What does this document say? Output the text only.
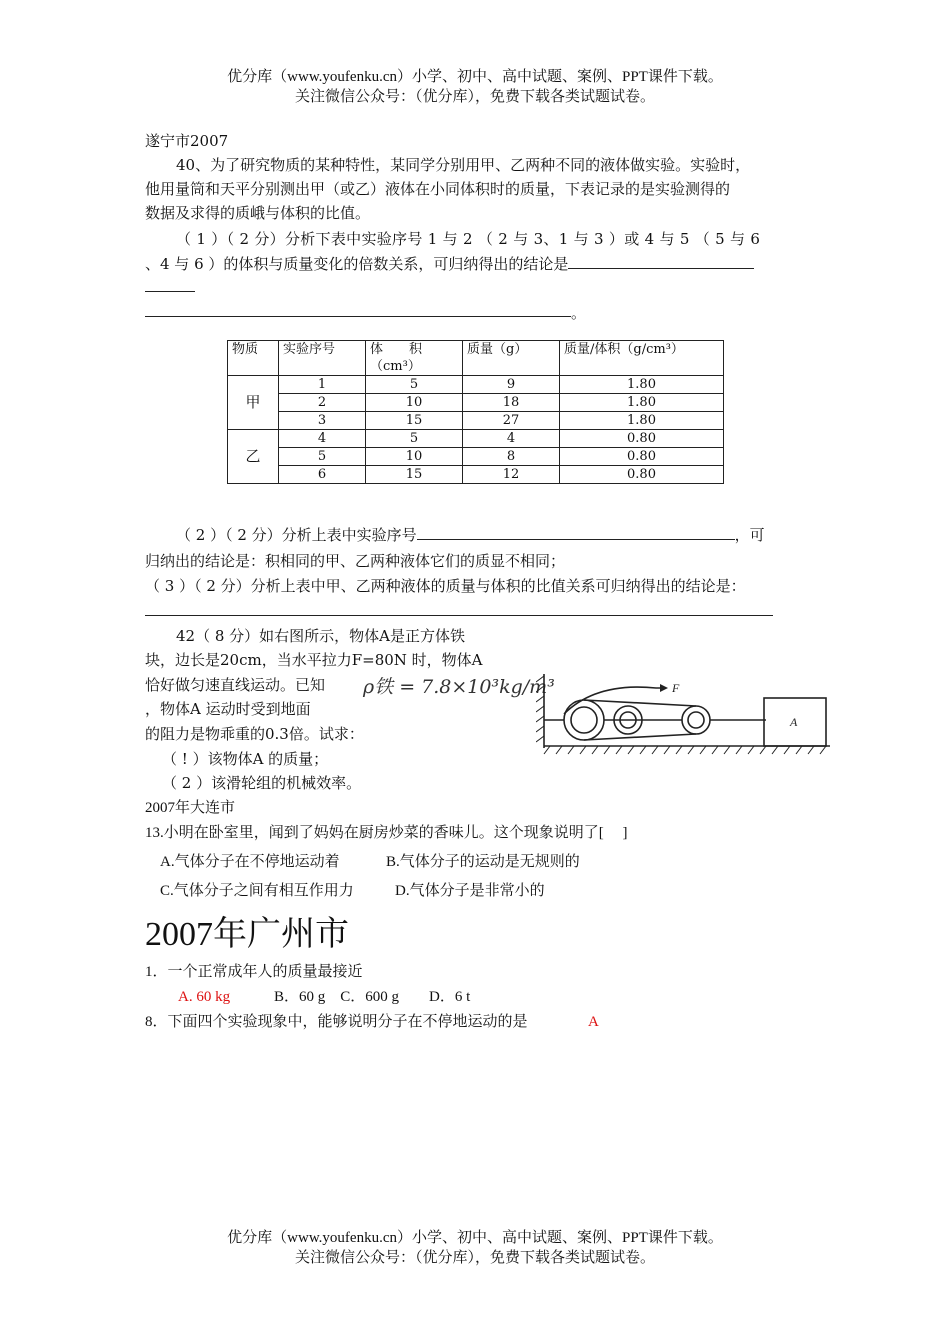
优分库（www.youfenku.cn）小学、初中、高中试题、案例、PPT课件下载。
关注微信公众号：（优分库），免费下载各类试题试卷。
遂宁市2007
40、为了研究物质的某种特性，某同学分别用甲、乙两种不同的液体做实验。实验时，
他用量筒和天平分别测出甲（或乙）液体在小同体积时的质量，下表记录的是实验测得的
数据及求得的质峨与体积的比值。
（ 1 ）（ 2 分）分析下表中实验序号 1 与 2 （ 2 与 3、1 与 3 ）或 4 与 5 （ 5 与 6
、4 与 6 ）的体积与质量变化的倍数关系，可归纳得出的结论是
。
物质	实验序号	体　　积（cm³）	质量（g）	质量/体积（g/cm³）
甲	1	5	9	1.80
	2	10	18	1.80
	3	15	27	1.80
乙	4	5	4	0.80
	5	10	8	0.80
	6	15	12	0.80
（ 2 ）（ 2 分）分析上表中实验序号	，可
归纳出的结论是：积相同的甲、乙两种液体它们的质显不相同；
（ 3 ）（ 2 分）分析上表中甲、乙两种液体的质量与体积的比值关系可归纳得出的结论是：
42（ 8 分）如右图所示，物体A是正方体铁
块，边长是20cm，当水平拉力F=80N 时，物体A
恰好做匀速直线运动。已知 ρ铁 = 7.8×10³kg/m³
，物体A 运动时受到地面
的阻力是物乖重的0.3倍。试求：
（ ! ）该物体A 的质量；
（ 2 ）该滑轮组的机械效率。
F
A
2007年大连市
13.小明在卧室里，闻到了妈妈在厨房炒菜的香味儿。这个现象说明了[　 ]
A.气体分子在不停地运动着	B.气体分子的运动是无规则的
C.气体分子之间有相互作用力	D.气体分子是非常小的
2007年广州市
1．一个正常成年人的质量最接近
A. 60 kg	B．60 g　C．600 g　　D．6 t
8．下面四个实验现象中，能够说明分子在不停地运动的是	A
优分库（www.youfenku.cn）小学、初中、高中试题、案例、PPT课件下载。
关注微信公众号：（优分库），免费下载各类试题试卷。
